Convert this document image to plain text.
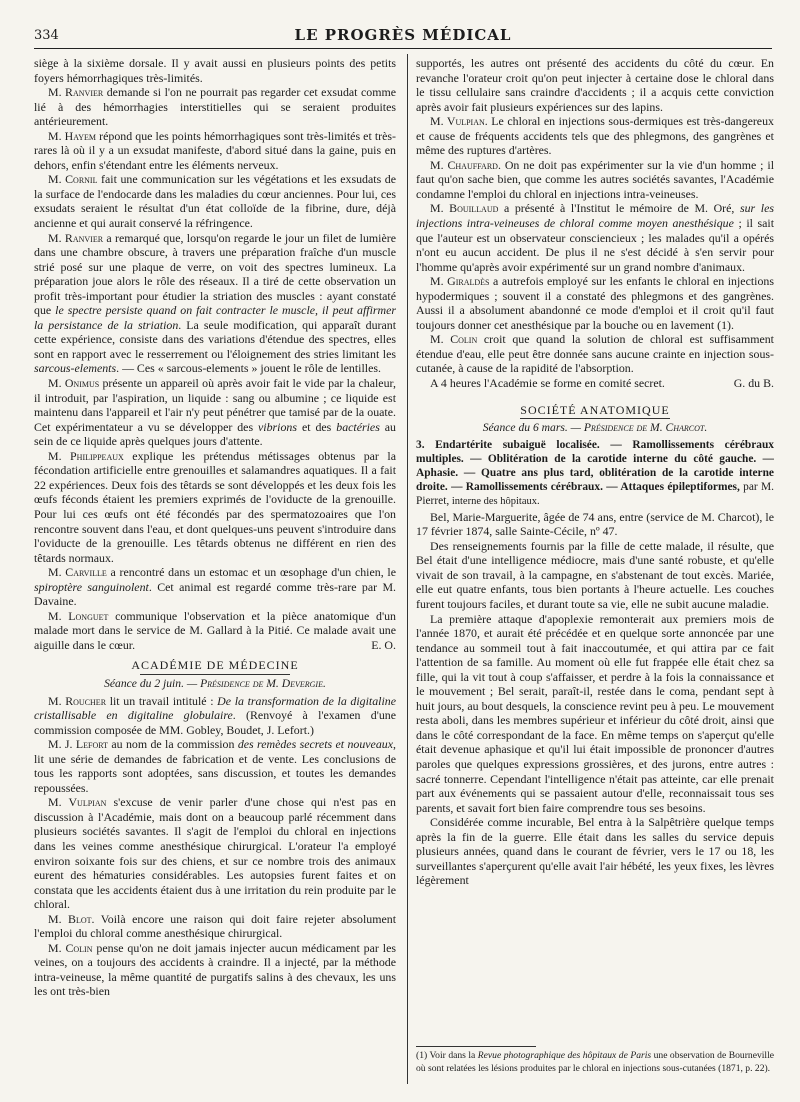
334	LE PROGRÈS MÉDICAL

siège à la sixième dorsale. Il y avait aussi en plusieurs points des petits foyers hémorrhagiques très-limités.

M. Ranvier demande si l'on ne pourrait pas regarder cet exsudat comme lié à des hémorrhagies interstitielles qui se seraient produites antérieurement.

M. Hayem répond que les points hémorrhagiques sont très-limités et très-rares là où il y a un exsudat manifeste, d'abord situé dans la gaine, puis en dehors, enfin s'étendant entre les éléments nerveux.

M. Cornil fait une communication sur les végétations et les exsudats de la surface de l'endocarde dans les maladies du cœur anciennes. Pour lui, ces exsudats seraient le résultat d'un état colloïde de la fibrine, dure, déjà ancienne et qui aurait conservé la réfringence.

M. Ranvier a remarqué que, lorsqu'on regarde le jour un filet de lumière dans une chambre obscure, à travers une préparation fraîche d'un muscle strié posé sur une plaque de verre, on voit des spectres lumineux. La préparation joue alors le rôle des réseaux. Il a tiré de cette observation un profit très-important pour étudier la striation des muscles : ayant constaté que le spectre persiste quand on fait contracter le muscle, il peut affirmer la persistance de la striation. La seule modification, qui apparaît durant cette expérience, consiste dans des variations d'étendue des spectres, elles sont en rapport avec le resserrement ou l'éloignement des stries limitant les sarcous-elements. — Ces « sarcous-elements » jouent le rôle de lentilles.

M. Onimus présente un appareil où après avoir fait le vide par la chaleur, il introduit, par l'aspiration, un liquide : sang ou albumine ; ce liquide est maintenu dans l'appareil et l'air n'y peut pénétrer que tamisé par de la ouate. Cet expérimentateur a vu se développer des vibrions et des bactéries au sein de ce liquide après quelques jours d'attente.

M. Philippeaux explique les prétendus métissages obtenus par la fécondation artificielle entre grenouilles et salamandres aquatiques. Il a fait 22 expériences. Deux fois des têtards se sont développés et les deux fois les œufs féconds étaient les premiers exprimés de l'oviducte de la grenouille. Pour lui ces œufs ont été fécondés par des spermatozoaires que l'on rencontre souvent dans l'eau, et dont quelques-uns peuvent s'introduire dans l'oviducte de la grenouille. Les têtards obtenus ne différent en rien des têtards normaux.

M. Carville a rencontré dans un estomac et un œsophage d'un chien, le spiroptère sanguinolent. Cet animal est regardé comme très-rare par M. Davaine.

M. Longuet communique l'observation et la pièce anatomique d'un malade mort dans le service de M. Gallard à la Pitié. Ce malade avait une aiguille dans le cœur.	E. O.

ACADÉMIE DE MÉDECINE
Séance du 2 juin. — Présidence de M. Devergie.

M. Roucher lit un travail intitulé : De la transformation de la digitaline cristallisable en digitaline globulaire. (Renvoyé à l'examen d'une commission composée de MM. Gobley, Boudet, J. Lefort.)

M. J. Lefort au nom de la commission des remèdes secrets et nouveaux, lit une série de demandes de fabrication et de vente. Les conclusions de tous les rapports sont adoptées, sans discussion, et toutes les demandes repoussées.

M. Vulpian s'excuse de venir parler d'une chose qui n'est pas en discussion à l'Académie, mais dont on a beaucoup parlé récemment dans plusieurs sociétés savantes. Il s'agit de l'emploi du chloral en injections dans les veines comme anesthésique chirurgical. L'orateur l'a employé environ soixante fois sur des chiens, et sur ce nombre trois des animaux eurent des hématuries considérables. Les autopsies furent faites et on constata que les accidents étaient dus à une irritation du rein produite par le chloral.

M. Blot. Voilà encore une raison qui doit faire rejeter absolument l'emploi du chloral comme anesthésique chirurgical.

M. Colin pense qu'on ne doit jamais injecter aucun médicament par les veines, on a toujours des accidents à craindre. Il a injecté, par la méthode intra-veineuse, la même quantité de purgatifs salins à des chevaux, les uns les ont très-bien

supportés, les autres ont présenté des accidents du côté du cœur. En revanche l'orateur croit qu'on peut injecter à certaine dose le chloral dans le tissu cellulaire sans craindre d'accidents ; il a acquis cette conviction après avoir fait plusieurs expériences sur des lapins.

M. Vulpian. Le chloral en injections sous-dermiques est très-dangereux et cause de fréquents accidents tels que des phlegmons, des gangrènes et même des ruptures d'artères.

M. Chauffard. On ne doit pas expérimenter sur la vie d'un homme ; il faut qu'on sache bien, que comme les autres sociétés savantes, l'Académie condamne l'emploi du chloral en injections intra-veineuses.

M. Bouillaud a présenté à l'Institut le mémoire de M. Oré, sur les injections intra-veineuses de chloral comme moyen anesthésique ; il sait que l'auteur est un observateur consciencieux ; les malades qu'il a opérés n'ont eu aucun accident. De plus il ne s'est décidé à s'en servir pour l'homme qu'après avoir expérimenté sur un grand nombre d'animaux.

M. Giraldès a autrefois employé sur les enfants le chloral en injections hypodermiques ; souvent il a constaté des phlegmons et des gangrènes. Aussi il a absolument abandonné ce mode d'emploi et il croit qu'il faut toujours donner cet anesthésique par la bouche ou en lavement (1).

M. Colin croit que quand la solution de chloral est suffisamment étendue d'eau, elle peut être donnée sans aucune crainte en injection sous-cutanée, à cause de la rapidité de l'absorption.

A 4 heures l'Académie se forme en comité secret.	G. du B.

SOCIÉTÉ ANATOMIQUE
Séance du 6 mars. — Présidence de M. Charcot.

3. Endartérite subaiguë localisée. — Ramollissements cérébraux multiples. — Oblitération de la carotide interne du côté gauche. — Aphasie. — Quatre ans plus tard, oblitération de la carotide interne droite. — Ramollissements cérébraux. — Attaques épileptiformes, par M. Pierret, interne des hôpitaux.

Bel, Marie-Marguerite, âgée de 74 ans, entre (service de M. Charcot), le 17 février 1874, salle Sainte-Cécile, nº 47.

Des renseignements fournis par la fille de cette malade, il résulte, que Bel était d'une intelligence médiocre, mais d'une santé robuste, et qu'elle vivait de son travail, à la campagne, en s'abstenant de tout excès. Mariée, elle eut quatre enfants, tous bien portants à l'heure actuelle. Les couches furent toujours faciles, et durant toute sa vie, elle ne subit aucune maladie.

La première attaque d'apoplexie remonterait aux premiers mois de l'année 1870, et aurait été précédée et en quelque sorte annoncée par une tendance au sommeil tout à fait inaccoutumée, et qui attira par ce fait l'attention de sa famille. Au moment où elle fut frappée elle était chez sa fille, qui la vit tout à coup s'affaisser, et perdre à la fois la connaissance et le mouvement ; Bel serait, paraît-il, restée dans le coma, pendant sept à huit jours, au bout desquels, la conscience revint peu à peu. Le mouvement resta aboli, dans les membres supérieur et inférieur du côté droit, ainsi que dans le côté correspondant de la face. En même temps on s'aperçut qu'elle était devenue aphasique et qu'il lui était impossible de prononcer d'autres paroles que quelques expressions grossières, et des jurons, entre autres : sacré tonnerre. Cependant l'intelligence n'était pas atteinte, car elle prenait part aux événements qui se passaient autour d'elle, reconnaissait tous ses parents, et savait fort bien faire comprendre tous ses besoins.

Considérée comme incurable, Bel entra à la Salpêtrière quelque temps après la fin de la guerre. Elle était dans les salles du service depuis plusieurs années, quand dans le courant de février, vers le 17 ou 18, les surveillantes s'aperçurent qu'elle avait l'air hébété, les yeux fixes, les lèvres légèrement

(1) Voir dans la Revue photographique des hôpitaux de Paris une observation de Bourneville où sont relatées les lésions produites par le chloral en injections sous-cutanées (1871, p. 22).
